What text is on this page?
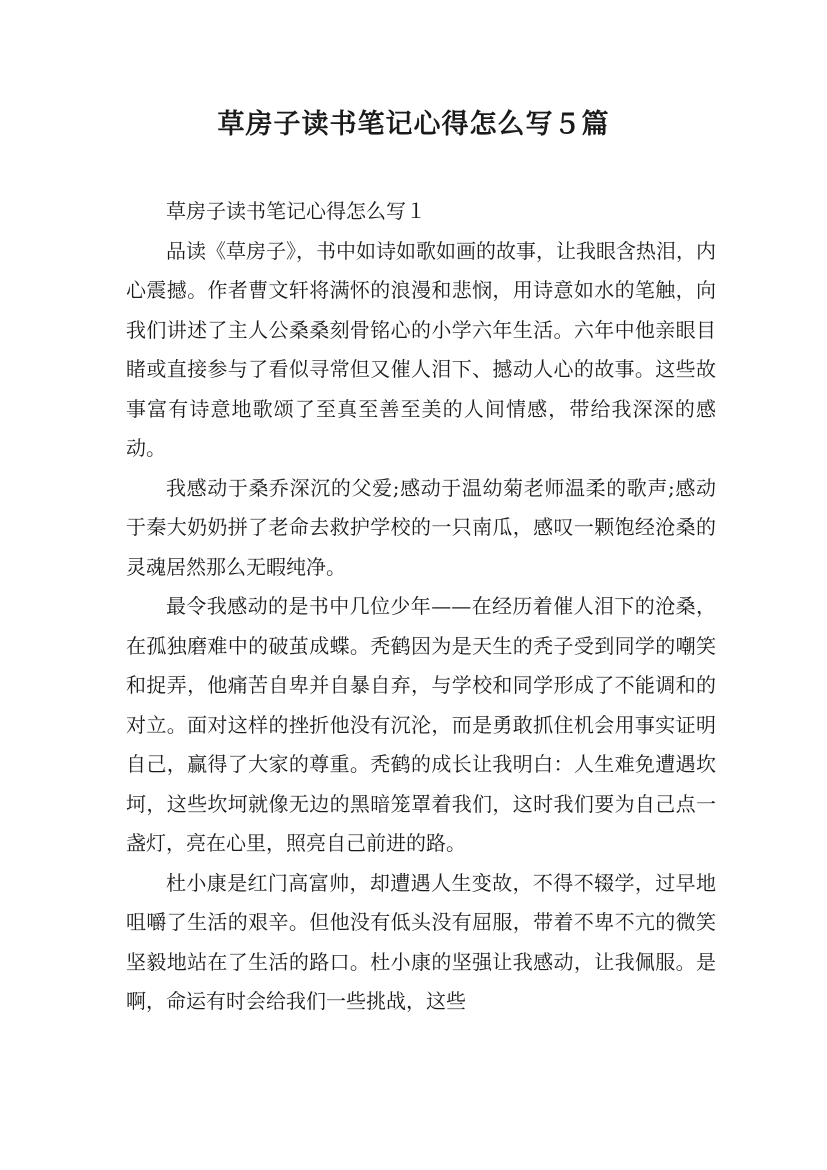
草房子读书笔记心得怎么写５篇

草房子读书笔记心得怎么写１

品读《草房子》，书中如诗如歌如画的故事，让我眼含热泪，内心震撼。作者曹文轩将满怀的浪漫和悲悯，用诗意如水的笔触，向我们讲述了主人公桑桑刻骨铭心的小学六年生活。六年中他亲眼目睹或直接参与了看似寻常但又催人泪下、撼动人心的故事。这些故事富有诗意地歌颂了至真至善至美的人间情感，带给我深深的感动。

我感动于桑乔深沉的父爱;感动于温幼菊老师温柔的歌声;感动于秦大奶奶拼了老命去救护学校的一只南瓜，感叹一颗饱经沧桑的灵魂居然那么无暇纯净。

最令我感动的是书中几位少年——在经历着催人泪下的沧桑，在孤独磨难中的破茧成蝶。秃鹤因为是天生的秃子受到同学的嘲笑和捉弄，他痛苦自卑并自暴自弃，与学校和同学形成了不能调和的对立。面对这样的挫折他没有沉沦，而是勇敢抓住机会用事实证明自己，赢得了大家的尊重。秃鹤的成长让我明白：人生难免遭遇坎坷，这些坎坷就像无边的黑暗笼罩着我们，这时我们要为自己点一盏灯，亮在心里，照亮自己前进的路。

杜小康是红门高富帅，却遭遇人生变故，不得不辍学，过早地咀嚼了生活的艰辛。但他没有低头没有屈服，带着不卑不亢的微笑坚毅地站在了生活的路口。杜小康的坚强让我感动，让我佩服。是啊，命运有时会给我们一些挑战，这些
